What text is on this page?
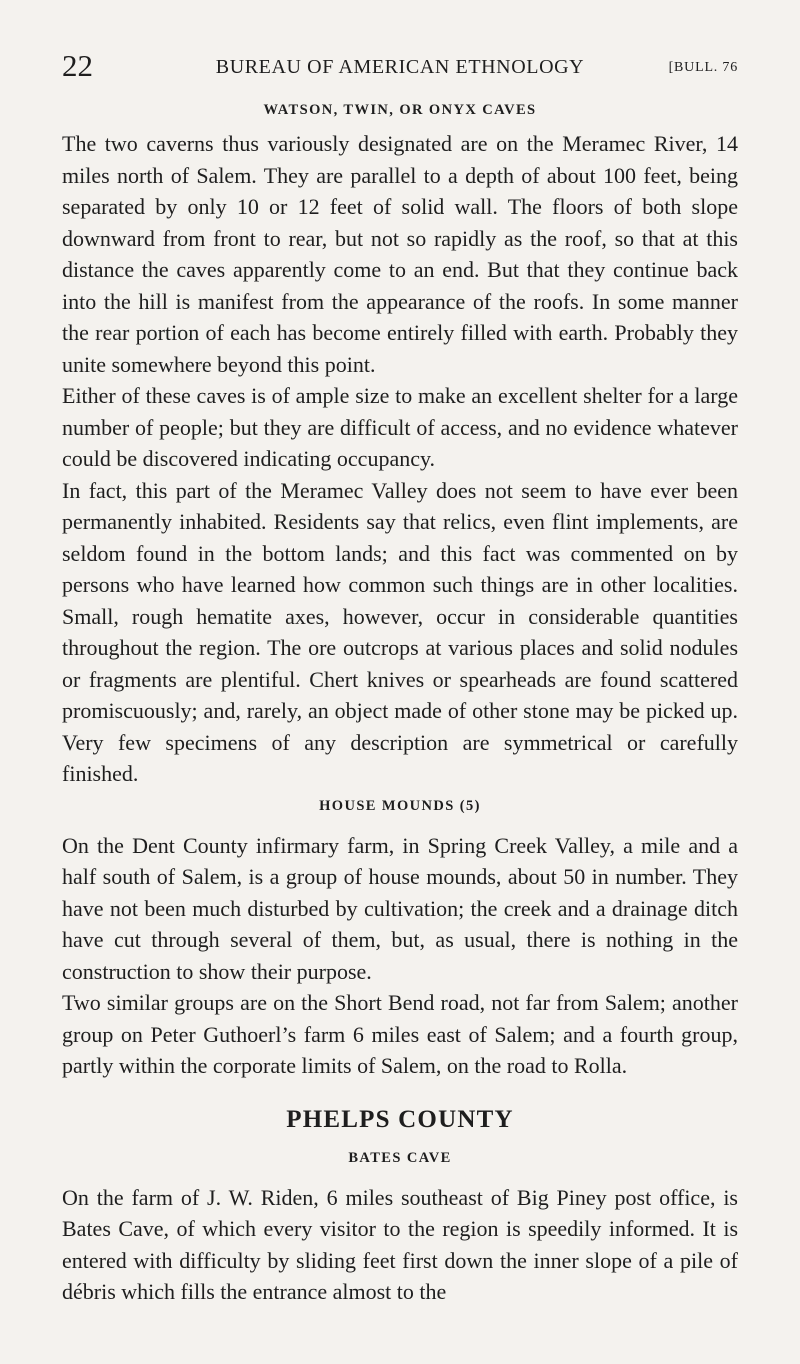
22	BUREAU OF AMERICAN ETHNOLOGY	[BULL. 76
WATSON, TWIN, OR ONYX CAVES

The two caverns thus variously designated are on the Meramec River, 14 miles north of Salem. They are parallel to a depth of about 100 feet, being separated by only 10 or 12 feet of solid wall. The floors of both slope downward from front to rear, but not so rapidly as the roof, so that at this distance the caves apparently come to an end. But that they continue back into the hill is manifest from the appearance of the roofs. In some manner the rear portion of each has become entirely filled with earth. Probably they unite somewhere beyond this point.

Either of these caves is of ample size to make an excellent shelter for a large number of people; but they are difficult of access, and no evidence whatever could be discovered indicating occupancy.

In fact, this part of the Meramec Valley does not seem to have ever been permanently inhabited. Residents say that relics, even flint implements, are seldom found in the bottom lands; and this fact was commented on by persons who have learned how common such things are in other localities. Small, rough hematite axes, however, occur in considerable quantities throughout the region. The ore outcrops at various places and solid nodules or fragments are plentiful. Chert knives or spearheads are found scattered promiscuously; and, rarely, an object made of other stone may be picked up. Very few specimens of any description are symmetrical or carefully finished.

HOUSE MOUNDS (5)

On the Dent County infirmary farm, in Spring Creek Valley, a mile and a half south of Salem, is a group of house mounds, about 50 in number. They have not been much disturbed by cultivation; the creek and a drainage ditch have cut through several of them, but, as usual, there is nothing in the construction to show their purpose.

Two similar groups are on the Short Bend road, not far from Salem; another group on Peter Guthoerl’s farm 6 miles east of Salem; and a fourth group, partly within the corporate limits of Salem, on the road to Rolla.

PHELPS COUNTY
BATES CAVE

On the farm of J. W. Riden, 6 miles southeast of Big Piney post office, is Bates Cave, of which every visitor to the region is speedily informed. It is entered with difficulty by sliding feet first down the inner slope of a pile of débris which fills the entrance almost to the
